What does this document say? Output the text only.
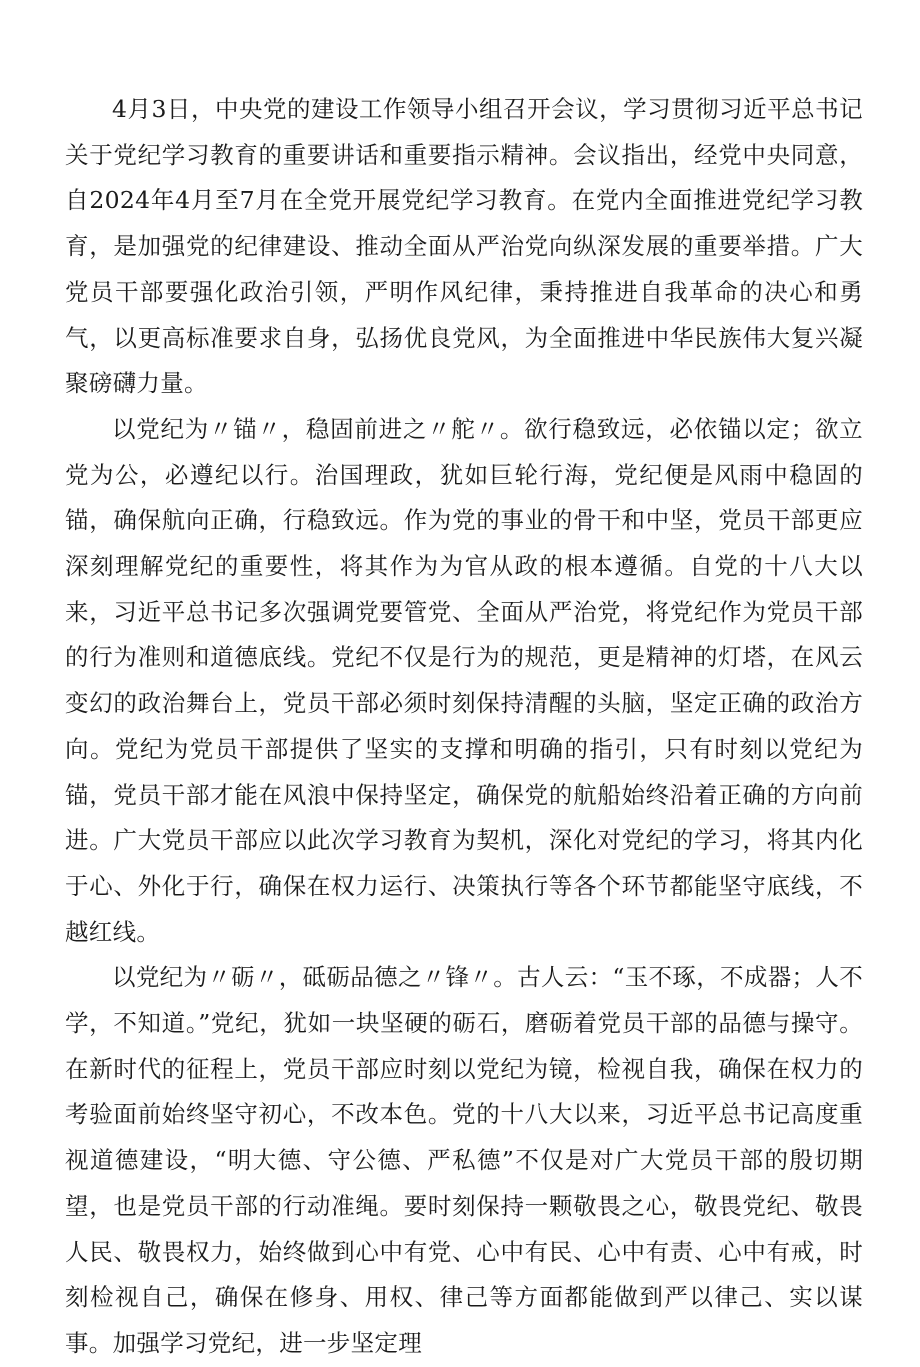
4月3日，中央党的建设工作领导小组召开会议，学习贯彻习近平总书记关于党纪学习教育的重要讲话和重要指示精神。会议指出，经党中央同意，自2024年4月至7月在全党开展党纪学习教育。在党内全面推进党纪学习教育，是加强党的纪律建设、推动全面从严治党向纵深发展的重要举措。广大党员干部要强化政治引领，严明作风纪律，秉持推进自我革命的决心和勇气，以更高标准要求自身，弘扬优良党风，为全面推进中华民族伟大复兴凝聚磅礴力量。

以党纪为〃锚〃，稳固前进之〃舵〃。欲行稳致远，必依锚以定；欲立党为公，必遵纪以行。治国理政，犹如巨轮行海，党纪便是风雨中稳固的锚，确保航向正确，行稳致远。作为党的事业的骨干和中坚，党员干部更应深刻理解党纪的重要性，将其作为为官从政的根本遵循。自党的十八大以来，习近平总书记多次强调党要管党、全面从严治党，将党纪作为党员干部的行为准则和道德底线。党纪不仅是行为的规范，更是精神的灯塔，在风云变幻的政治舞台上，党员干部必须时刻保持清醒的头脑，坚定正确的政治方向。党纪为党员干部提供了坚实的支撑和明确的指引，只有时刻以党纪为锚，党员干部才能在风浪中保持坚定，确保党的航船始终沿着正确的方向前进。广大党员干部应以此次学习教育为契机，深化对党纪的学习，将其内化于心、外化于行，确保在权力运行、决策执行等各个环节都能坚守底线，不越红线。

以党纪为〃砺〃，砥砺品德之〃锋〃。古人云：“玉不琢，不成器；人不学，不知道。”党纪，犹如一块坚硬的砺石，磨砺着党员干部的品德与操守。在新时代的征程上，党员干部应时刻以党纪为镜，检视自我，确保在权力的考验面前始终坚守初心，不改本色。党的十八大以来，习近平总书记高度重视道德建设，“明大德、守公德、严私德”不仅是对广大党员干部的殷切期望，也是党员干部的行动准绳。要时刻保持一颗敬畏之心，敬畏党纪、敬畏人民、敬畏权力，始终做到心中有党、心中有民、心中有责、心中有戒，时刻检视自己，确保在修身、用权、律己等方面都能做到严以律己、实以谋事。加强学习党纪，进一步坚定理
